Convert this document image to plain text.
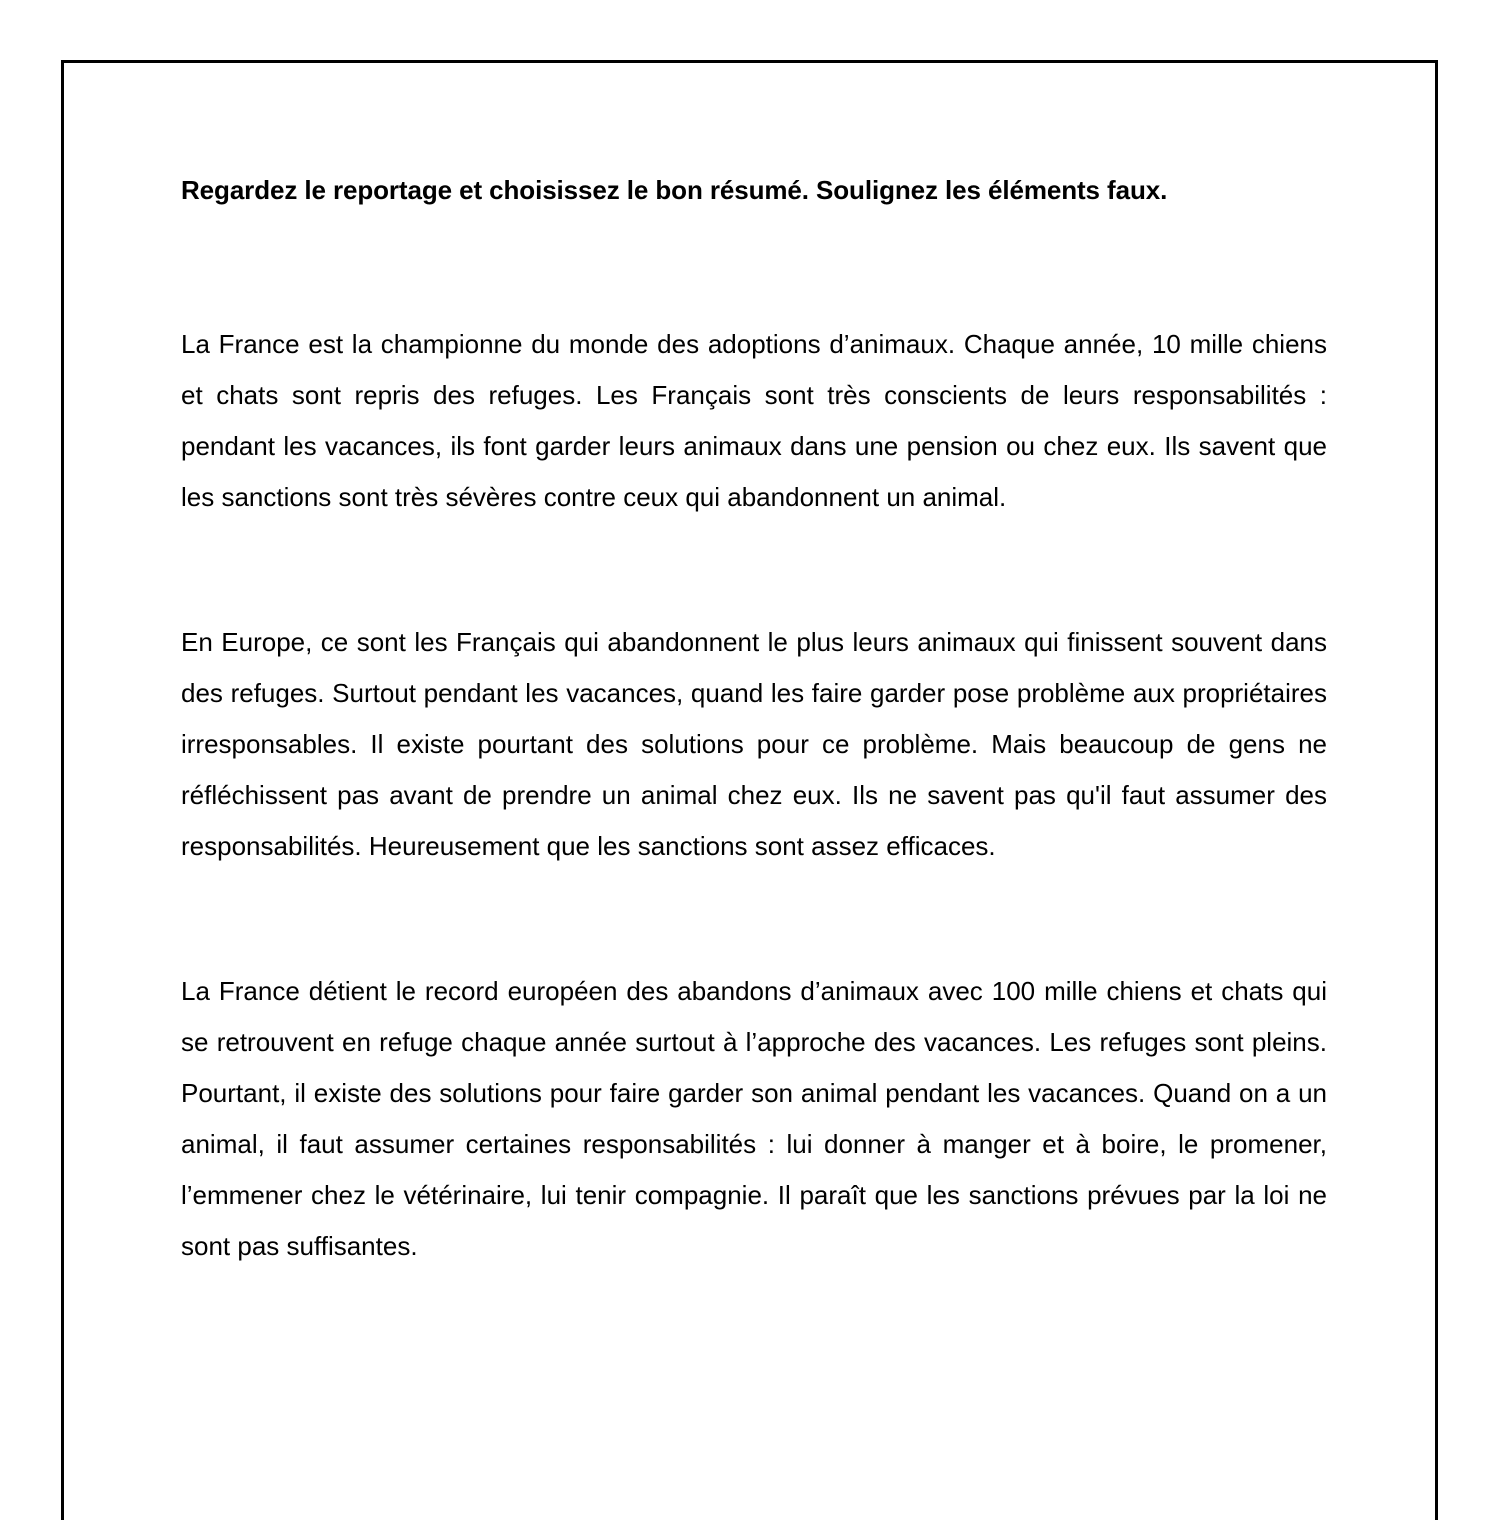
Regardez le reportage et choisissez le bon résumé. Soulignez les éléments faux.

La France est la championne du monde des adoptions d’animaux. Chaque année, 10 mille chiens et chats sont repris des refuges. Les Français sont très conscients de leurs responsabilités : pendant les vacances, ils font garder leurs animaux dans une pension ou chez eux. Ils savent que les sanctions sont très sévères contre ceux qui abandonnent un animal.

En Europe, ce sont les Français qui abandonnent le plus leurs animaux qui finissent souvent dans des refuges. Surtout pendant les vacances, quand les faire garder pose problème aux propriétaires irresponsables. Il existe pourtant des solutions pour ce problème. Mais beaucoup de gens ne réfléchissent pas avant de prendre un animal chez eux. Ils ne savent pas qu'il faut assumer des responsabilités. Heureusement que les sanctions sont assez efficaces.

La France détient le record européen des abandons d’animaux avec 100 mille chiens et chats qui se retrouvent en refuge chaque année surtout à l’approche des vacances. Les refuges sont pleins. Pourtant, il existe des solutions pour faire garder son animal pendant les vacances. Quand on a un animal, il faut assumer certaines responsabilités : lui donner à manger et à boire, le promener, l’emmener chez le vétérinaire, lui tenir compagnie. Il paraît que les sanctions prévues par la loi ne sont pas suffisantes.
